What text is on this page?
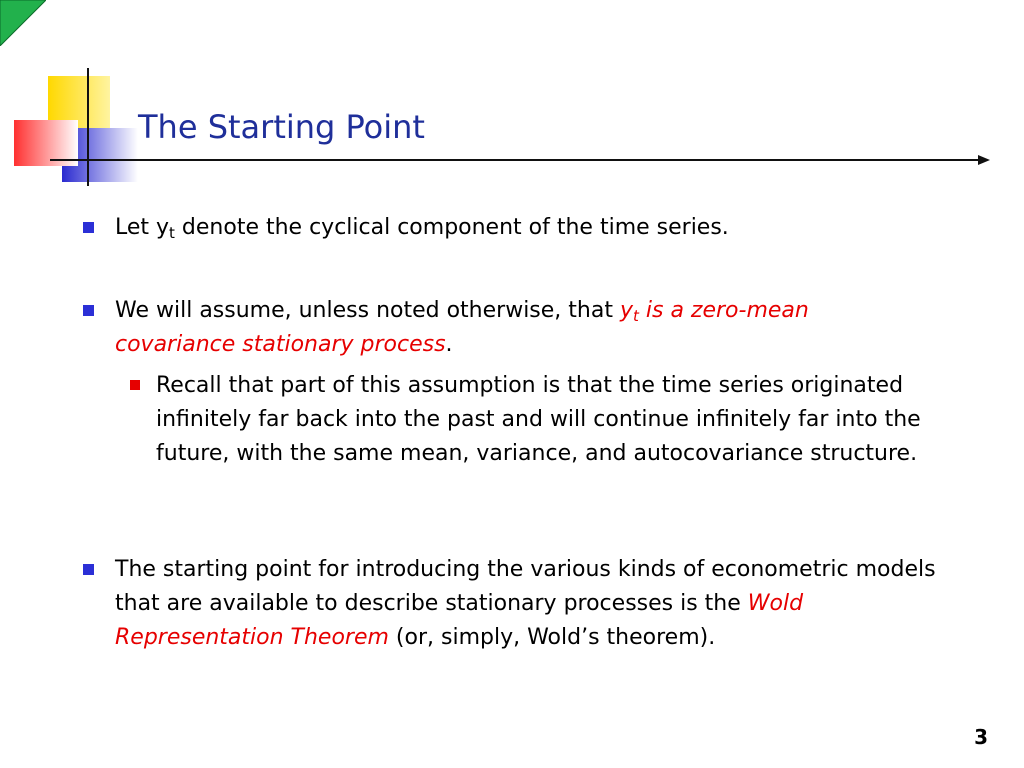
The Starting Point
Let $y_t$ denote the cyclical component of the time series.
We will assume, unless noted otherwise, that $y_t$ is a zero-mean covariance stationary process.
Recall that part of this assumption is that the time series originated infinitely far back into the past and will continue infinitely far into the future, with the same mean, variance, and autocovariance structure.
The starting point for introducing the various kinds of econometric models that are available to describe stationary processes is the Wold Representation Theorem (or, simply, Wold’s theorem).
3
